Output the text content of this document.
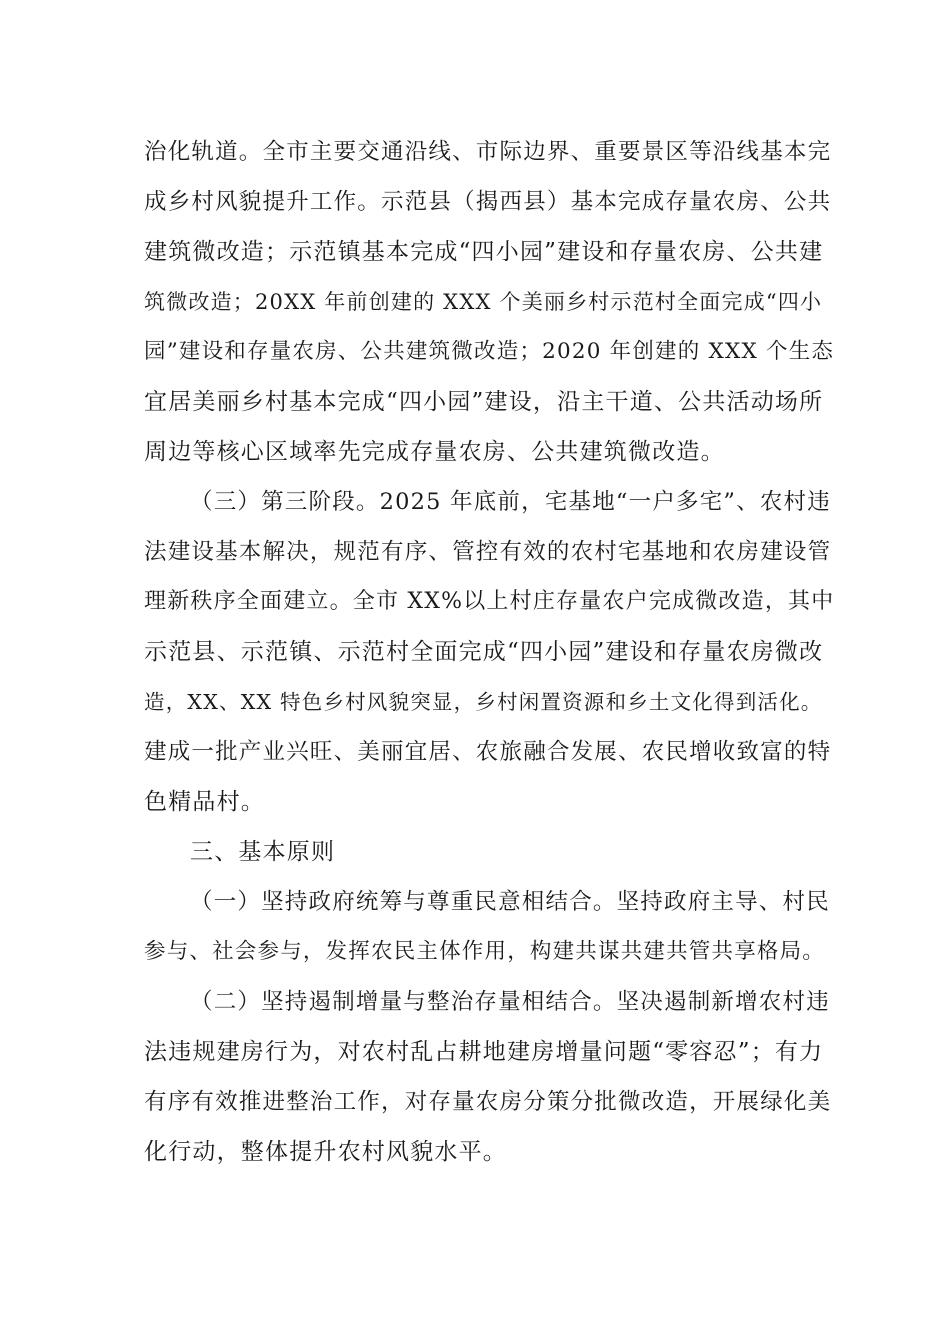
治化轨道。全市主要交通沿线、市际边界、重要景区等沿线基本完
成乡村风貌提升工作。示范县（揭西县）基本完成存量农房、公共
建筑微改造；示范镇基本完成“四小园”建设和存量农房、公共建
筑微改造；20XX 年前创建的 XXX 个美丽乡村示范村全面完成“四小
园”建设和存量农房、公共建筑微改造；2020 年创建的 XXX 个生态
宜居美丽乡村基本完成“四小园”建设，沿主干道、公共活动场所
周边等核心区域率先完成存量农房、公共建筑微改造。
（三）第三阶段。2025 年底前，宅基地“一户多宅”、农村违
法建设基本解决，规范有序、管控有效的农村宅基地和农房建设管
理新秩序全面建立。全市 XX%以上村庄存量农户完成微改造，其中
示范县、示范镇、示范村全面完成“四小园”建设和存量农房微改
造，XX、XX 特色乡村风貌突显，乡村闲置资源和乡土文化得到活化。
建成一批产业兴旺、美丽宜居、农旅融合发展、农民增收致富的特
色精品村。
三、基本原则
（一）坚持政府统筹与尊重民意相结合。坚持政府主导、村民
参与、社会参与，发挥农民主体作用，构建共谋共建共管共享格局。
（二）坚持遏制增量与整治存量相结合。坚决遏制新增农村违
法违规建房行为，对农村乱占耕地建房增量问题“零容忍”；有力
有序有效推进整治工作，对存量农房分策分批微改造，开展绿化美
化行动，整体提升农村风貌水平。
